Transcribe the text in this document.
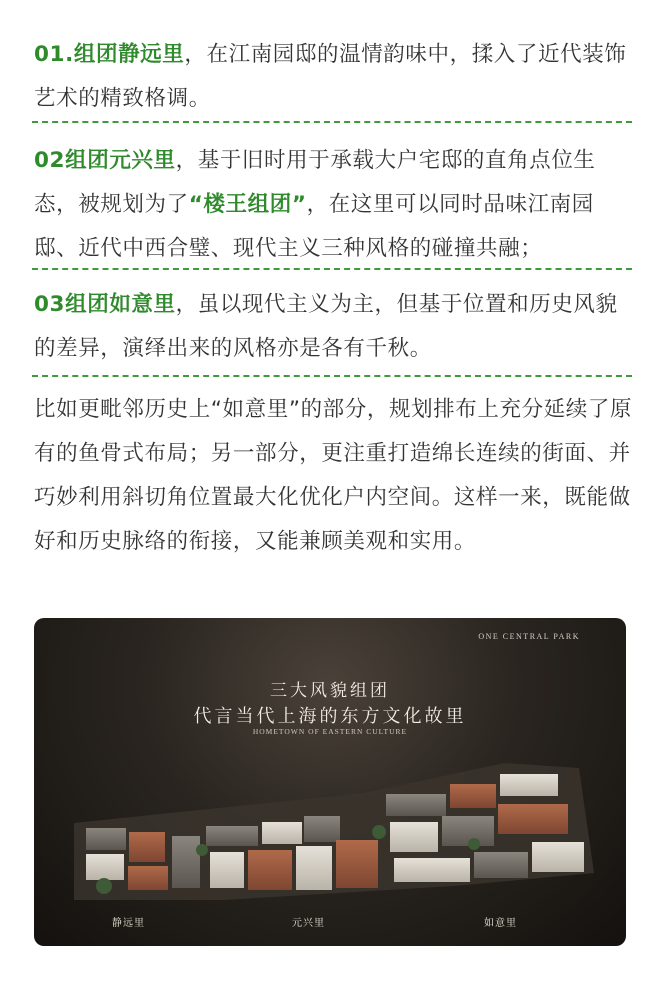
01.组团静远里，在江南园邸的温情韵味中，揉入了近代装饰艺术的精致格调。

02组团元兴里，基于旧时用于承载大户宅邸的直角点位生态，被规划为了“楼王组团”，在这里可以同时品味江南园邸、近代中西合璧、现代主义三种风格的碰撞共融；

03组团如意里，虽以现代主义为主，但基于位置和历史风貌的差异，演绎出来的风格亦是各有千秋。

比如更毗邻历史上“如意里”的部分，规划排布上充分延续了原有的鱼骨式布局；另一部分，更注重打造绵长连续的街面、并巧妙利用斜切角位置最大化优化户内空间。这样一来，既能做好和历史脉络的衔接，又能兼顾美观和实用。

ONE CENTRAL PARK
三大风貌组团
代言当代上海的东方文化故里
HOMETOWN OF EASTERN CULTURE
静远里	元兴里	如意里
